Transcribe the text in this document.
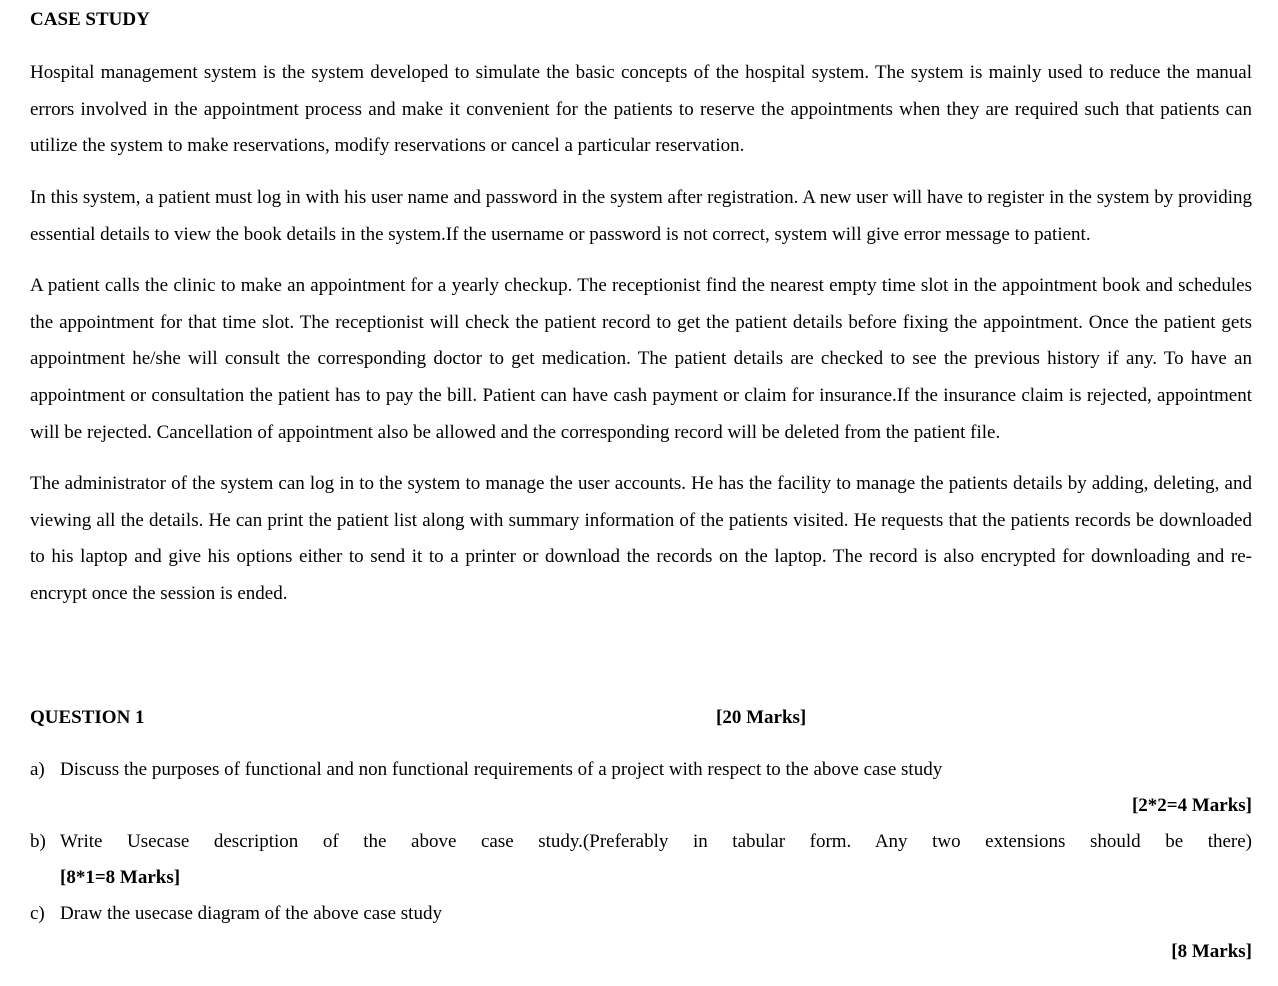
CASE STUDY

Hospital management system is the system developed to simulate the basic concepts of the hospital system. The system is mainly used to reduce the manual errors involved in the appointment process and make it convenient for the patients to reserve the appointments when they are required such that patients can utilize the system to make reservations, modify reservations or cancel a particular reservation.

In this system, a patient must log in with his user name and password in the system after registration. A new user will have to register in the system by providing essential details to view the book details in the system.If the username or password is not correct, system will give error message to patient.

A patient calls the clinic to make an appointment for a yearly checkup. The receptionist find the nearest empty time slot in the appointment book and schedules the appointment for that time slot. The receptionist will check the patient record to get the patient details before fixing the appointment. Once the patient gets appointment he/she will consult the corresponding doctor to get medication. The patient details are checked to see the previous history if any. To have an appointment or consultation the patient has to pay the bill. Patient can have cash payment or claim for insurance.If the insurance claim is rejected, appointment will be rejected. Cancellation of appointment also be allowed and the corresponding record will be deleted from the patient file.

The administrator of the system can log in to the system to manage the user accounts. He has the facility to manage the patients details by adding, deleting, and viewing all the details. He can print the patient list along with summary information of the patients visited. He requests that the patients records be downloaded to his laptop and give his options either to send it to a printer or download the records on the laptop. The record is also encrypted for downloading and re-encrypt once the session is ended.

QUESTION 1	[20 Marks]
a) Discuss the purposes of functional and non functional requirements of a project with respect to the above case study
[2*2=4 Marks]
b) Write Usecase description of the above case study.(Preferably in tabular form. Any two extensions should be there)
[8*1=8 Marks]
c) Draw the usecase diagram of the above case study
[8 Marks]
